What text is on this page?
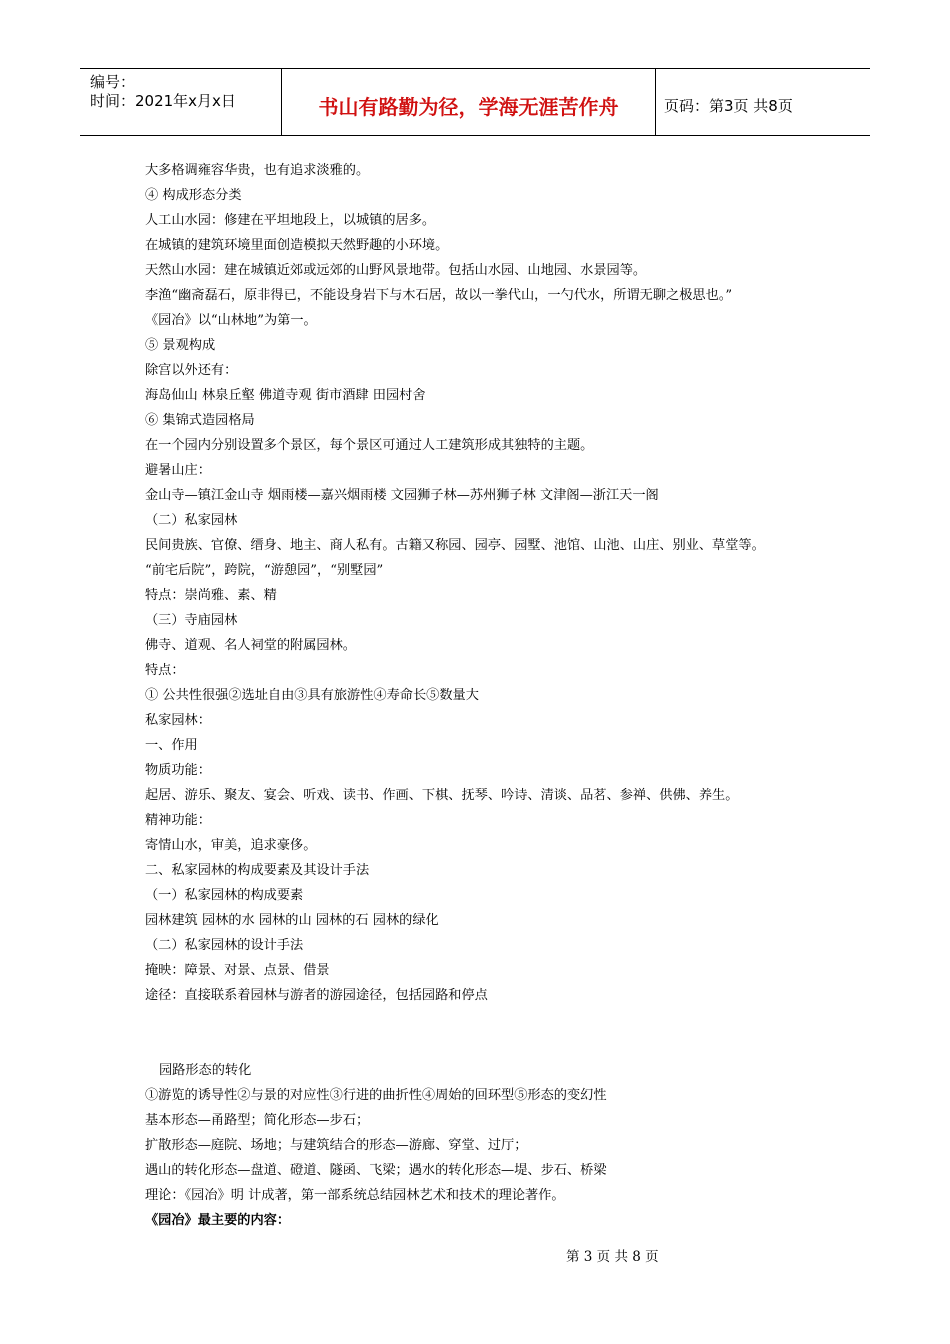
编号：
时间：2021年x月x日	书山有路勤为径，学海无涯苦作舟	页码：第3页 共8页
大多格调雍容华贵，也有追求淡雅的。
④ 构成形态分类
人工山水园：修建在平坦地段上，以城镇的居多。
在城镇的建筑环境里面创造模拟天然野趣的小环境。
天然山水园：建在城镇近郊或远郊的山野风景地带。包括山水园、山地园、水景园等。
李渔“幽斋磊石，原非得已，不能设身岩下与木石居，故以一拳代山，一勺代水，所谓无聊之极思也。”
《园冶》以“山林地”为第一。
⑤ 景观构成
除宫以外还有：
海岛仙山 林泉丘壑 佛道寺观 街市酒肆 田园村舍
⑥ 集锦式造园格局
在一个园内分别设置多个景区，每个景区可通过人工建筑形成其独特的主题。
避暑山庄：
金山寺—镇江金山寺 烟雨楼—嘉兴烟雨楼 文园狮子林—苏州狮子林 文津阁—浙江天一阁
（二）私家园林
民间贵族、官僚、缙身、地主、商人私有。古籍又称园、园亭、园墅、池馆、山池、山庄、别业、草堂等。
“前宅后院”，跨院，“游憩园”，“别墅园”
特点：崇尚雅、素、精
（三）寺庙园林
佛寺、道观、名人祠堂的附属园林。
特点：
① 公共性很强②选址自由③具有旅游性④寿命长⑤数量大
私家园林：
一、作用
物质功能：
起居、游乐、聚友、宴会、听戏、读书、作画、下棋、抚琴、吟诗、清谈、品茗、参禅、供佛、养生。
精神功能：
寄情山水，审美，追求豪侈。
二、私家园林的构成要素及其设计手法
（一）私家园林的构成要素
园林建筑 园林的水 园林的山 园林的石 园林的绿化
（二）私家园林的设计手法
掩映：障景、对景、点景、借景
途径：直接联系着园林与游者的游园途径，包括园路和停点
园路形态的转化
①游览的诱导性②与景的对应性③行进的曲折性④周始的回环型⑤形态的变幻性
基本形态—甬路型；简化形态—步石；
扩散形态—庭院、场地；与建筑结合的形态—游廊、穿堂、过厅；
遇山的转化形态—盘道、磴道、隧函、飞梁；遇水的转化形态—堤、步石、桥梁
理论：《园冶》明 计成著，第一部系统总结园林艺术和技术的理论著作。
《园冶》最主要的内容：
第 3 页 共 8 页
